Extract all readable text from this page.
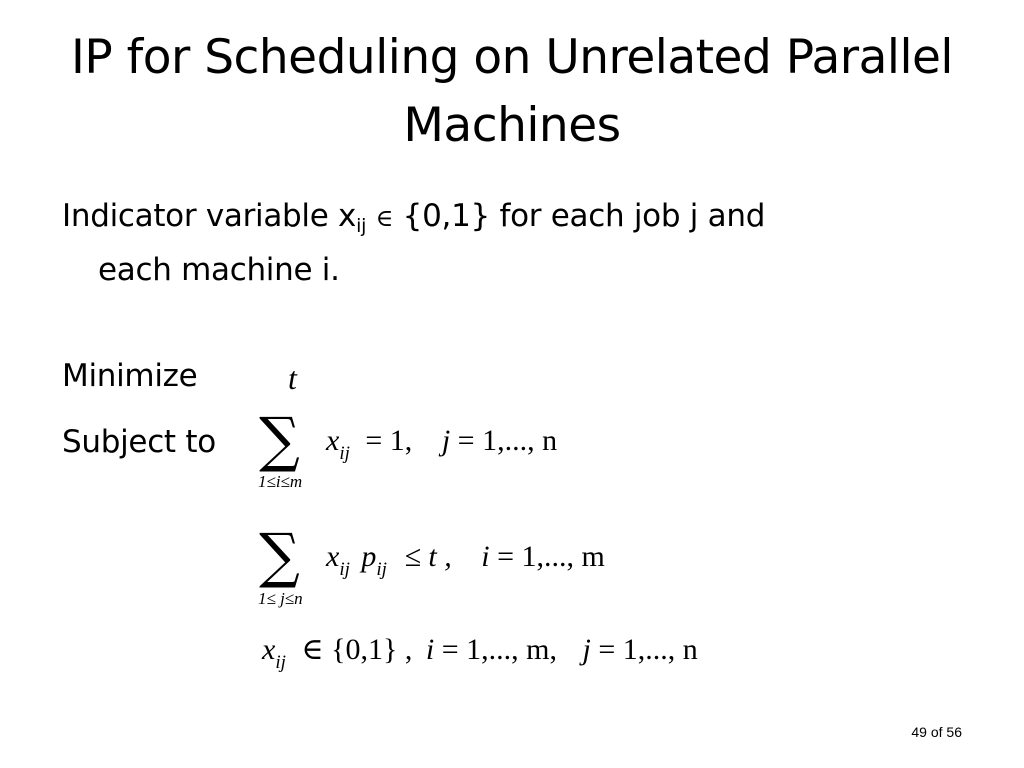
IP for Scheduling on Unrelated Parallel Machines
Indicator variable xij ∈ {0,1} for each job j and
each machine i.
Minimize	t
Subject to ∑
1≤i≤m
$x_{ij} = 1$, j = 1,..., n
∑
1≤ j≤n
$x_{ij}$ $p_{ij} \le t$ , i = 1,..., m
$x_{ij}$ ∈ {0,1} , i = 1,..., m, j = 1,..., n
49 of 56
